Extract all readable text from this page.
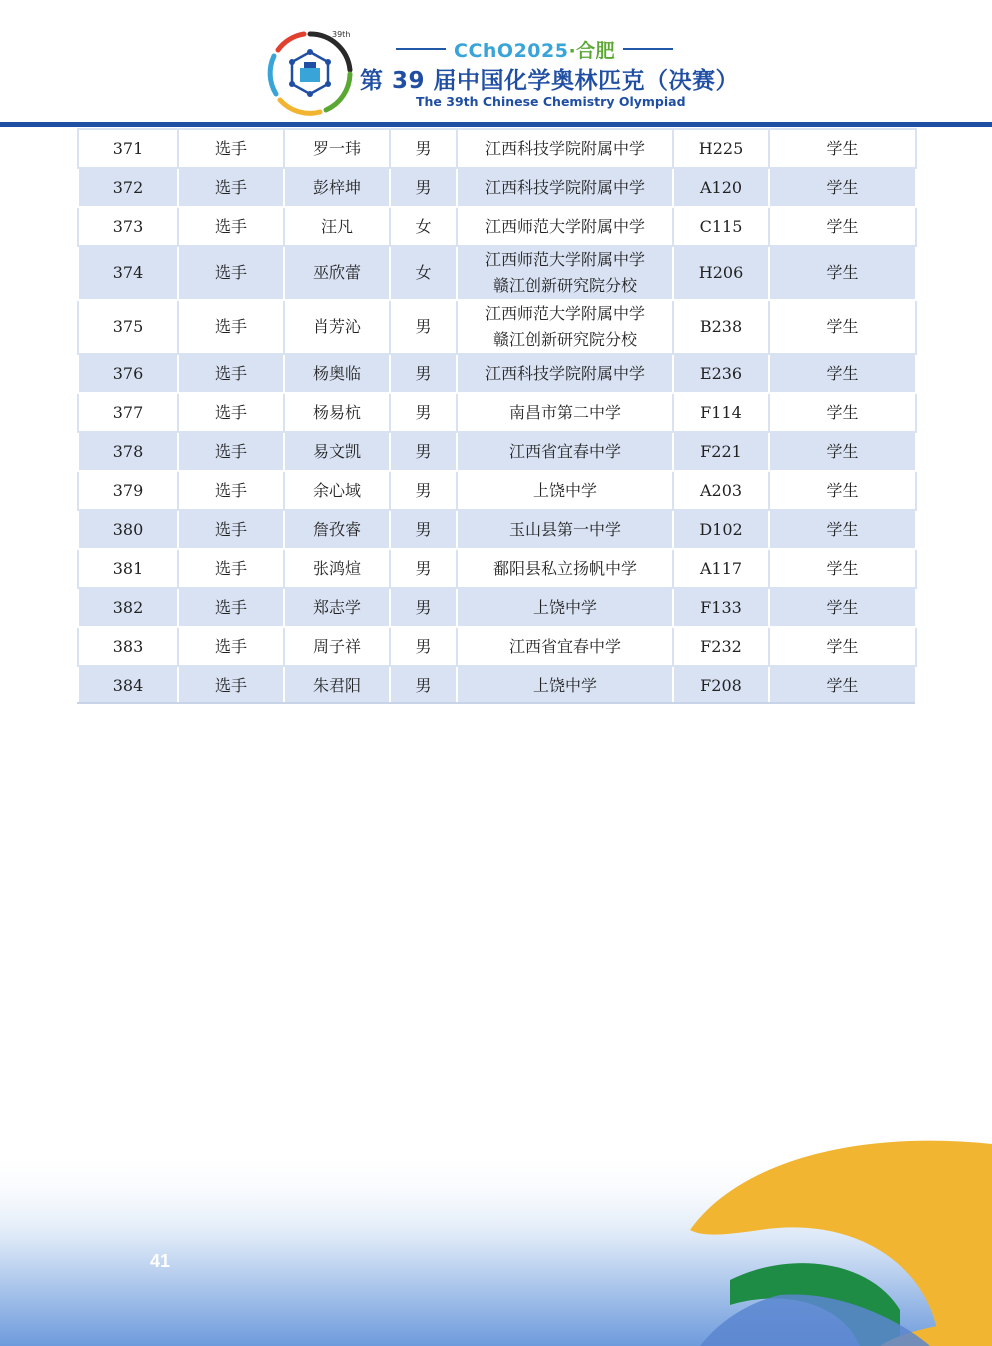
39th
CChO2025·合肥
第 39 届中国化学奥林匹克（决赛）
The 39th Chinese Chemistry Olympiad
371	选手	罗一玮	男	江西科技学院附属中学	H225	学生
372	选手	彭梓坤	男	江西科技学院附属中学	A120	学生
373	选手	汪凡	女	江西师范大学附属中学	C115	学生
374	选手	巫欣蕾	女	江西师范大学附属中学
赣江创新研究院分校	H206	学生
375	选手	肖芳沁	男	江西师范大学附属中学
赣江创新研究院分校	B238	学生
376	选手	杨奥临	男	江西科技学院附属中学	E236	学生
377	选手	杨易杭	男	南昌市第二中学	F114	学生
378	选手	易文凯	男	江西省宜春中学	F221	学生
379	选手	余心域	男	上饶中学	A203	学生
380	选手	詹孜睿	男	玉山县第一中学	D102	学生
381	选手	张鸿煊	男	鄱阳县私立扬帆中学	A117	学生
382	选手	郑志学	男	上饶中学	F133	学生
383	选手	周子祥	男	江西省宜春中学	F232	学生
384	选手	朱君阳	男	上饶中学	F208	学生
41
